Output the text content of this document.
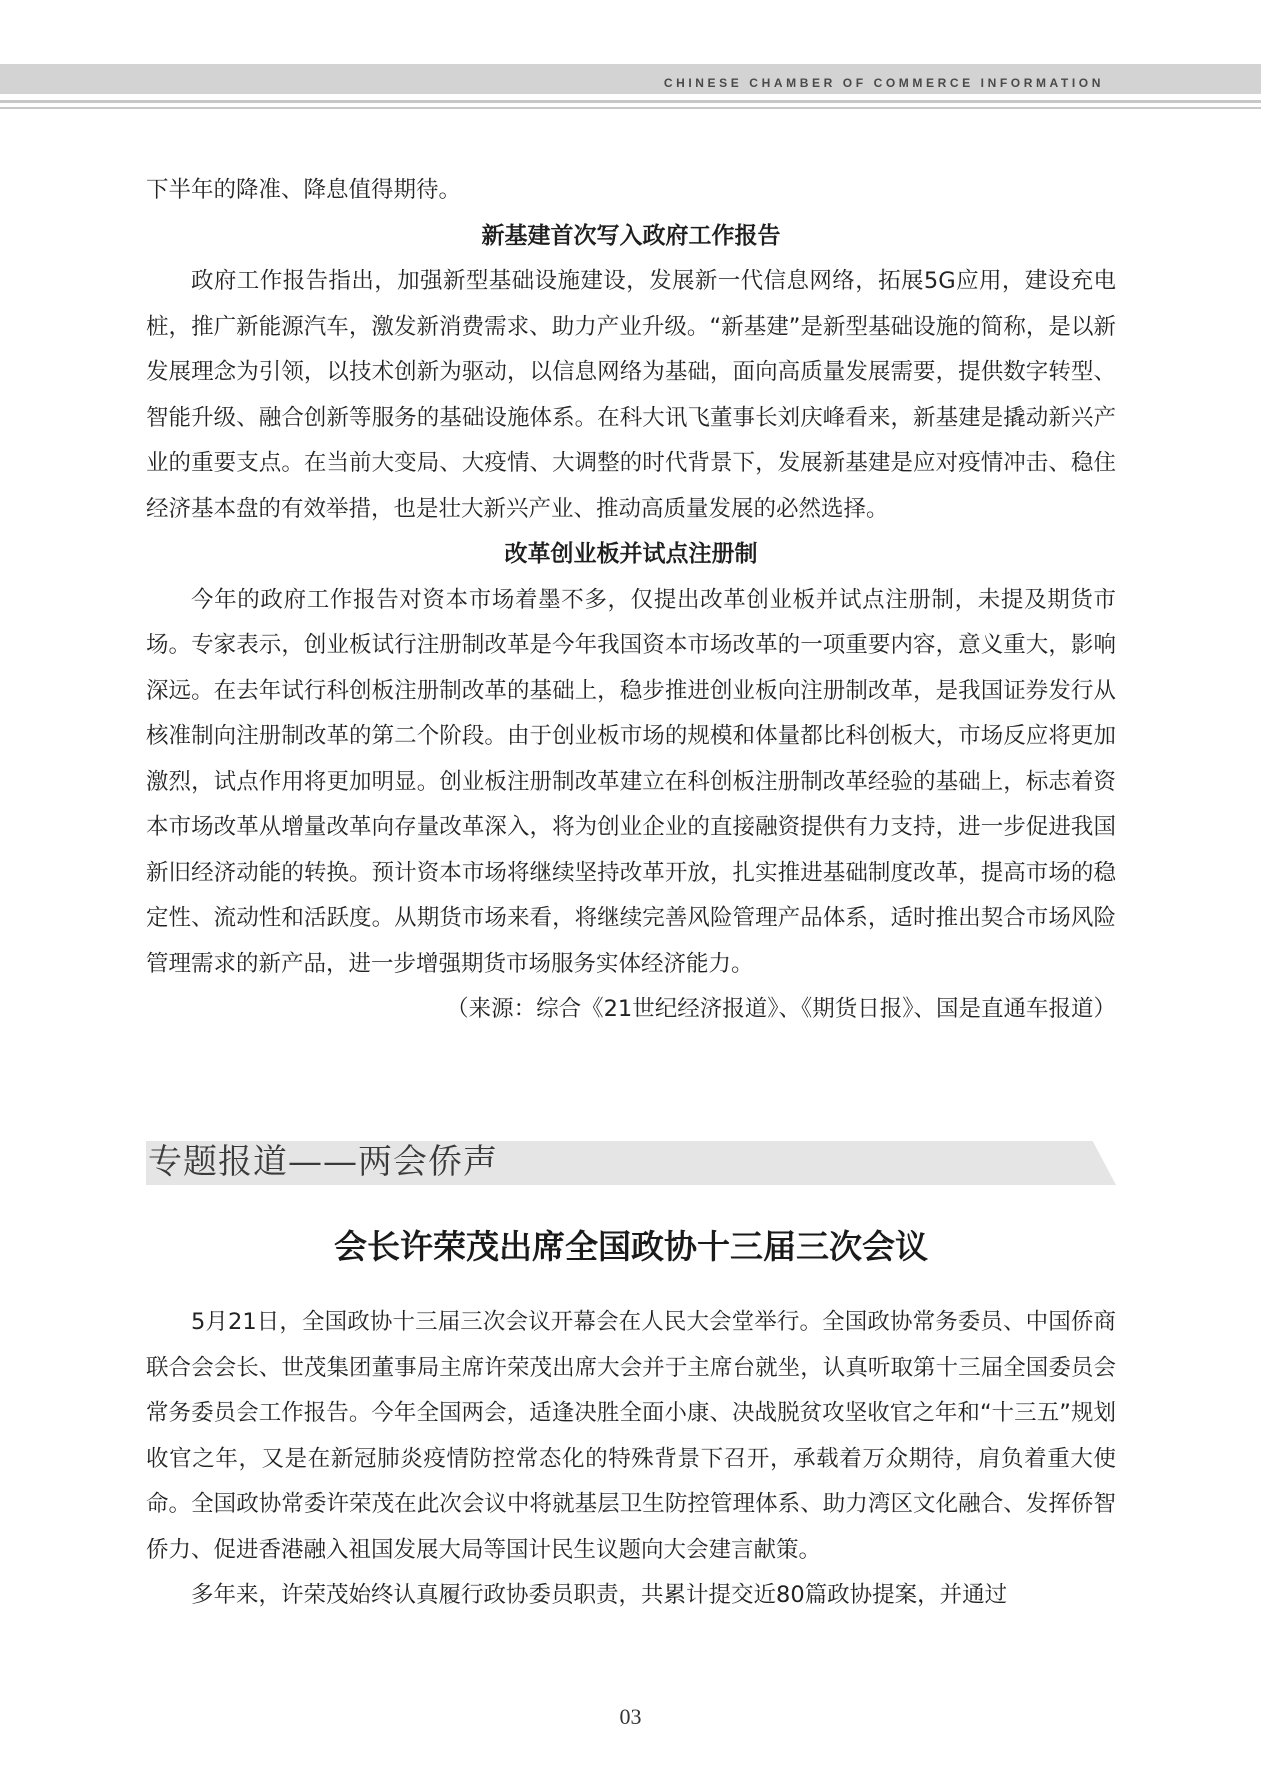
CHINESE CHAMBER OF COMMERCE INFORMATION

下半年的降准、降息值得期待。

新基建首次写入政府工作报告

政府工作报告指出，加强新型基础设施建设，发展新一代信息网络，拓展5G应用，建设充电桩，推广新能源汽车，激发新消费需求、助力产业升级。“新基建”是新型基础设施的简称，是以新发展理念为引领，以技术创新为驱动，以信息网络为基础，面向高质量发展需要，提供数字转型、智能升级、融合创新等服务的基础设施体系。在科大讯飞董事长刘庆峰看来，新基建是撬动新兴产业的重要支点。在当前大变局、大疫情、大调整的时代背景下，发展新基建是应对疫情冲击、稳住经济基本盘的有效举措，也是壮大新兴产业、推动高质量发展的必然选择。

改革创业板并试点注册制

今年的政府工作报告对资本市场着墨不多，仅提出改革创业板并试点注册制，未提及期货市场。专家表示，创业板试行注册制改革是今年我国资本市场改革的一项重要内容，意义重大，影响深远。在去年试行科创板注册制改革的基础上，稳步推进创业板向注册制改革，是我国证券发行从核准制向注册制改革的第二个阶段。由于创业板市场的规模和体量都比科创板大，市场反应将更加激烈，试点作用将更加明显。创业板注册制改革建立在科创板注册制改革经验的基础上，标志着资本市场改革从增量改革向存量改革深入，将为创业企业的直接融资提供有力支持，进一步促进我国新旧经济动能的转换。预计资本市场将继续坚持改革开放，扎实推进基础制度改革，提高市场的稳定性、流动性和活跃度。从期货市场来看，将继续完善风险管理产品体系，适时推出契合市场风险管理需求的新产品，进一步增强期货市场服务实体经济能力。
（来源：综合《21世纪经济报道》、《期货日报》、国是直通车报道）

专题报道——两会侨声
会长许荣茂出席全国政协十三届三次会议

5月21日，全国政协十三届三次会议开幕会在人民大会堂举行。全国政协常务委员、中国侨商联合会会长、世茂集团董事局主席许荣茂出席大会并于主席台就坐，认真听取第十三届全国委员会常务委员会工作报告。今年全国两会，适逢决胜全面小康、决战脱贫攻坚收官之年和“十三五”规划收官之年，又是在新冠肺炎疫情防控常态化的特殊背景下召开，承载着万众期待，肩负着重大使命。全国政协常委许荣茂在此次会议中将就基层卫生防控管理体系、助力湾区文化融合、发挥侨智侨力、促进香港融入祖国发展大局等国计民生议题向大会建言献策。

多年来，许荣茂始终认真履行政协委员职责，共累计提交近80篇政协提案，并通过

03
